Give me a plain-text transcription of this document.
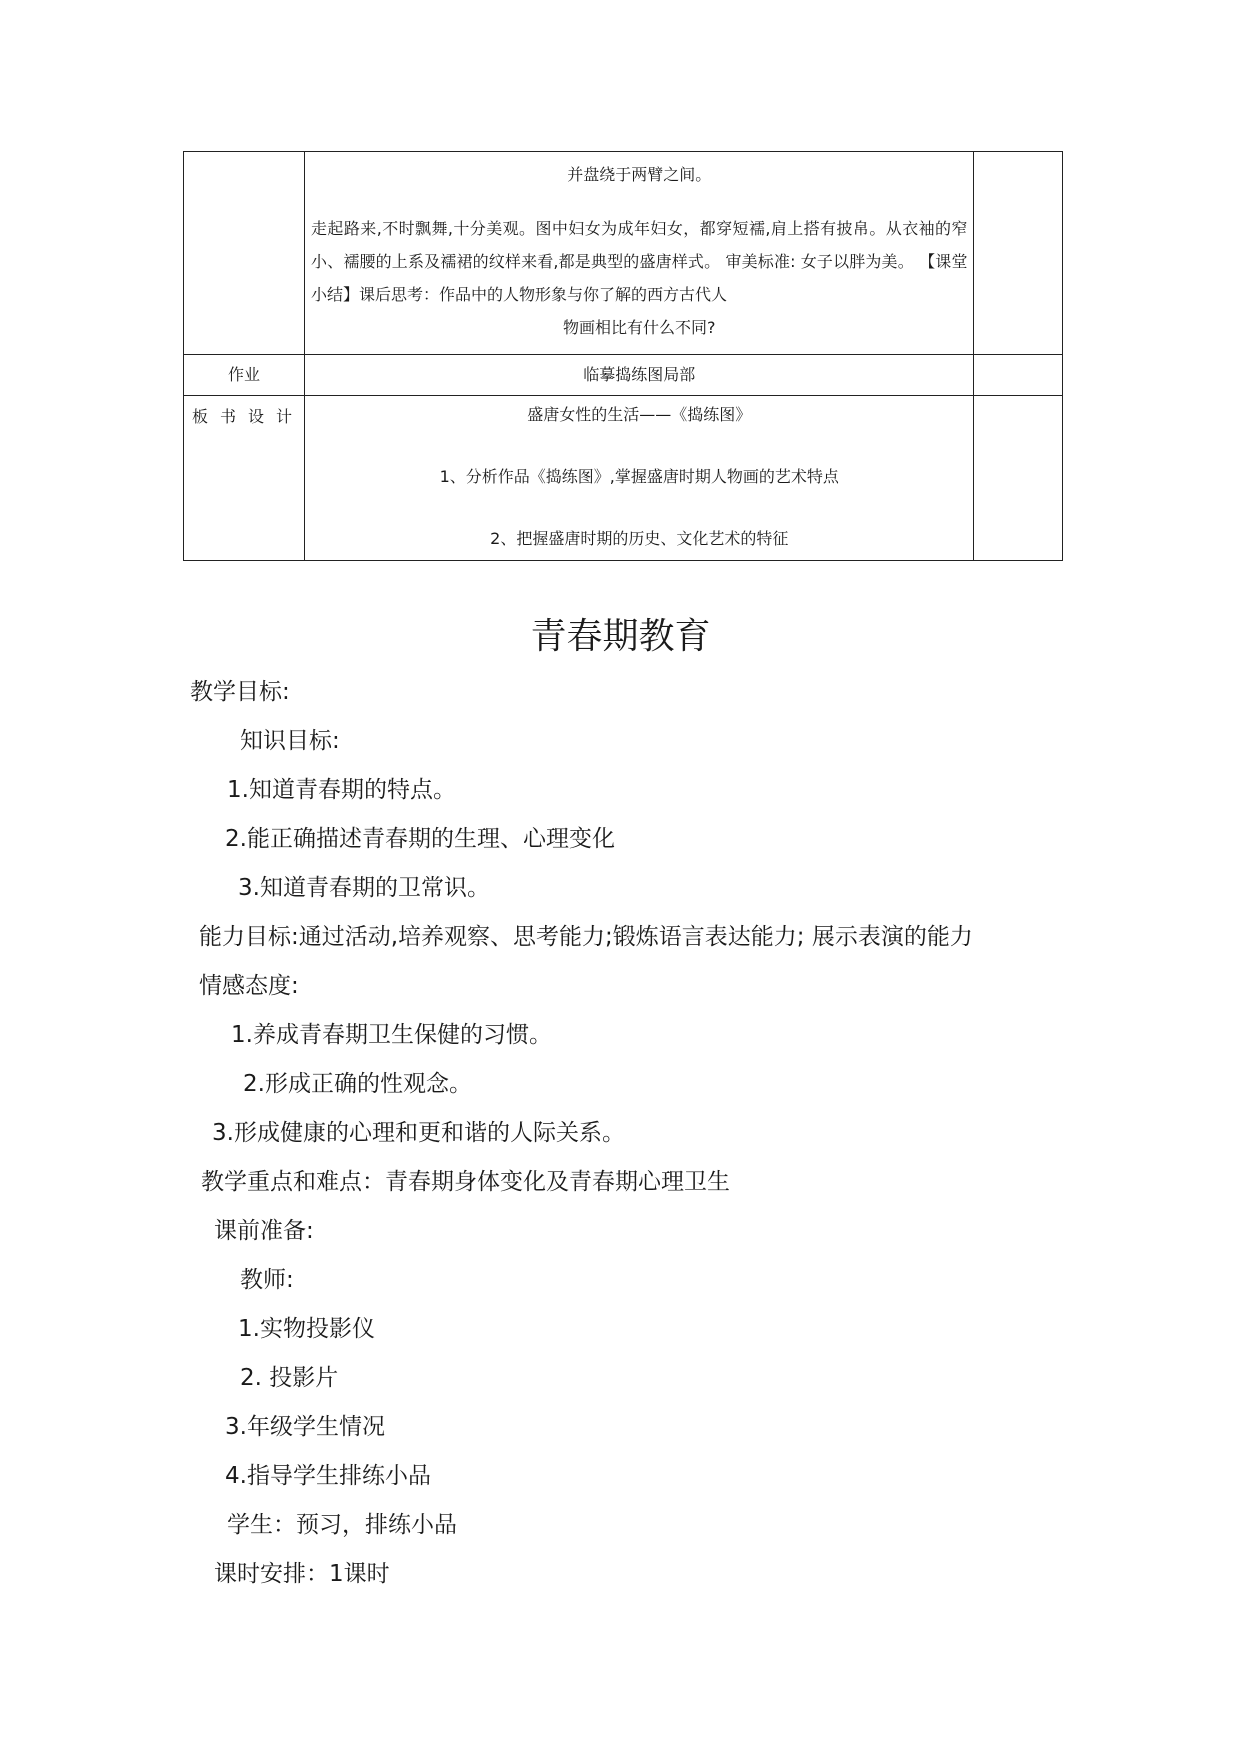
	并盘绕于两臂之间。
走起路来,不时飘舞,十分美观。图中妇女为成年妇女，都穿短襦,肩上搭有披帛。从衣袖的窄小、襦腰的上系及襦裙的纹样来看,都是典型的盛唐样式。 审美标准: 女子以胖为美。 【课堂小结】课后思考：作品中的人物形象与你了解的西方古代人
物画相比有什么不同?	

作业	临摹捣练图局部	

板书设计	盛唐女性的生活——《捣练图》
1、分析作品《捣练图》,掌握盛唐时期人物画的艺术特点
2、把握盛唐时期的历史、文化艺术的特征	

青春期教育
教学目标:
知识目标:
1.知道青春期的特点。
2.能正确描述青春期的生理、心理变化
3.知道青春期的卫常识。
能力目标:通过活动,培养观察、思考能力;锻炼语言表达能力; 展示表演的能力
情感态度:
1.养成青春期卫生保健的习惯。
2.形成正确的性观念。
3.形成健康的心理和更和谐的人际关系。
教学重点和难点：青春期身体变化及青春期心理卫生
课前准备:
教师:
1.实物投影仪
2. 投影片
3.年级学生情况
4.指导学生排练小品
学生：预习，排练小品
课时安排：1课时
